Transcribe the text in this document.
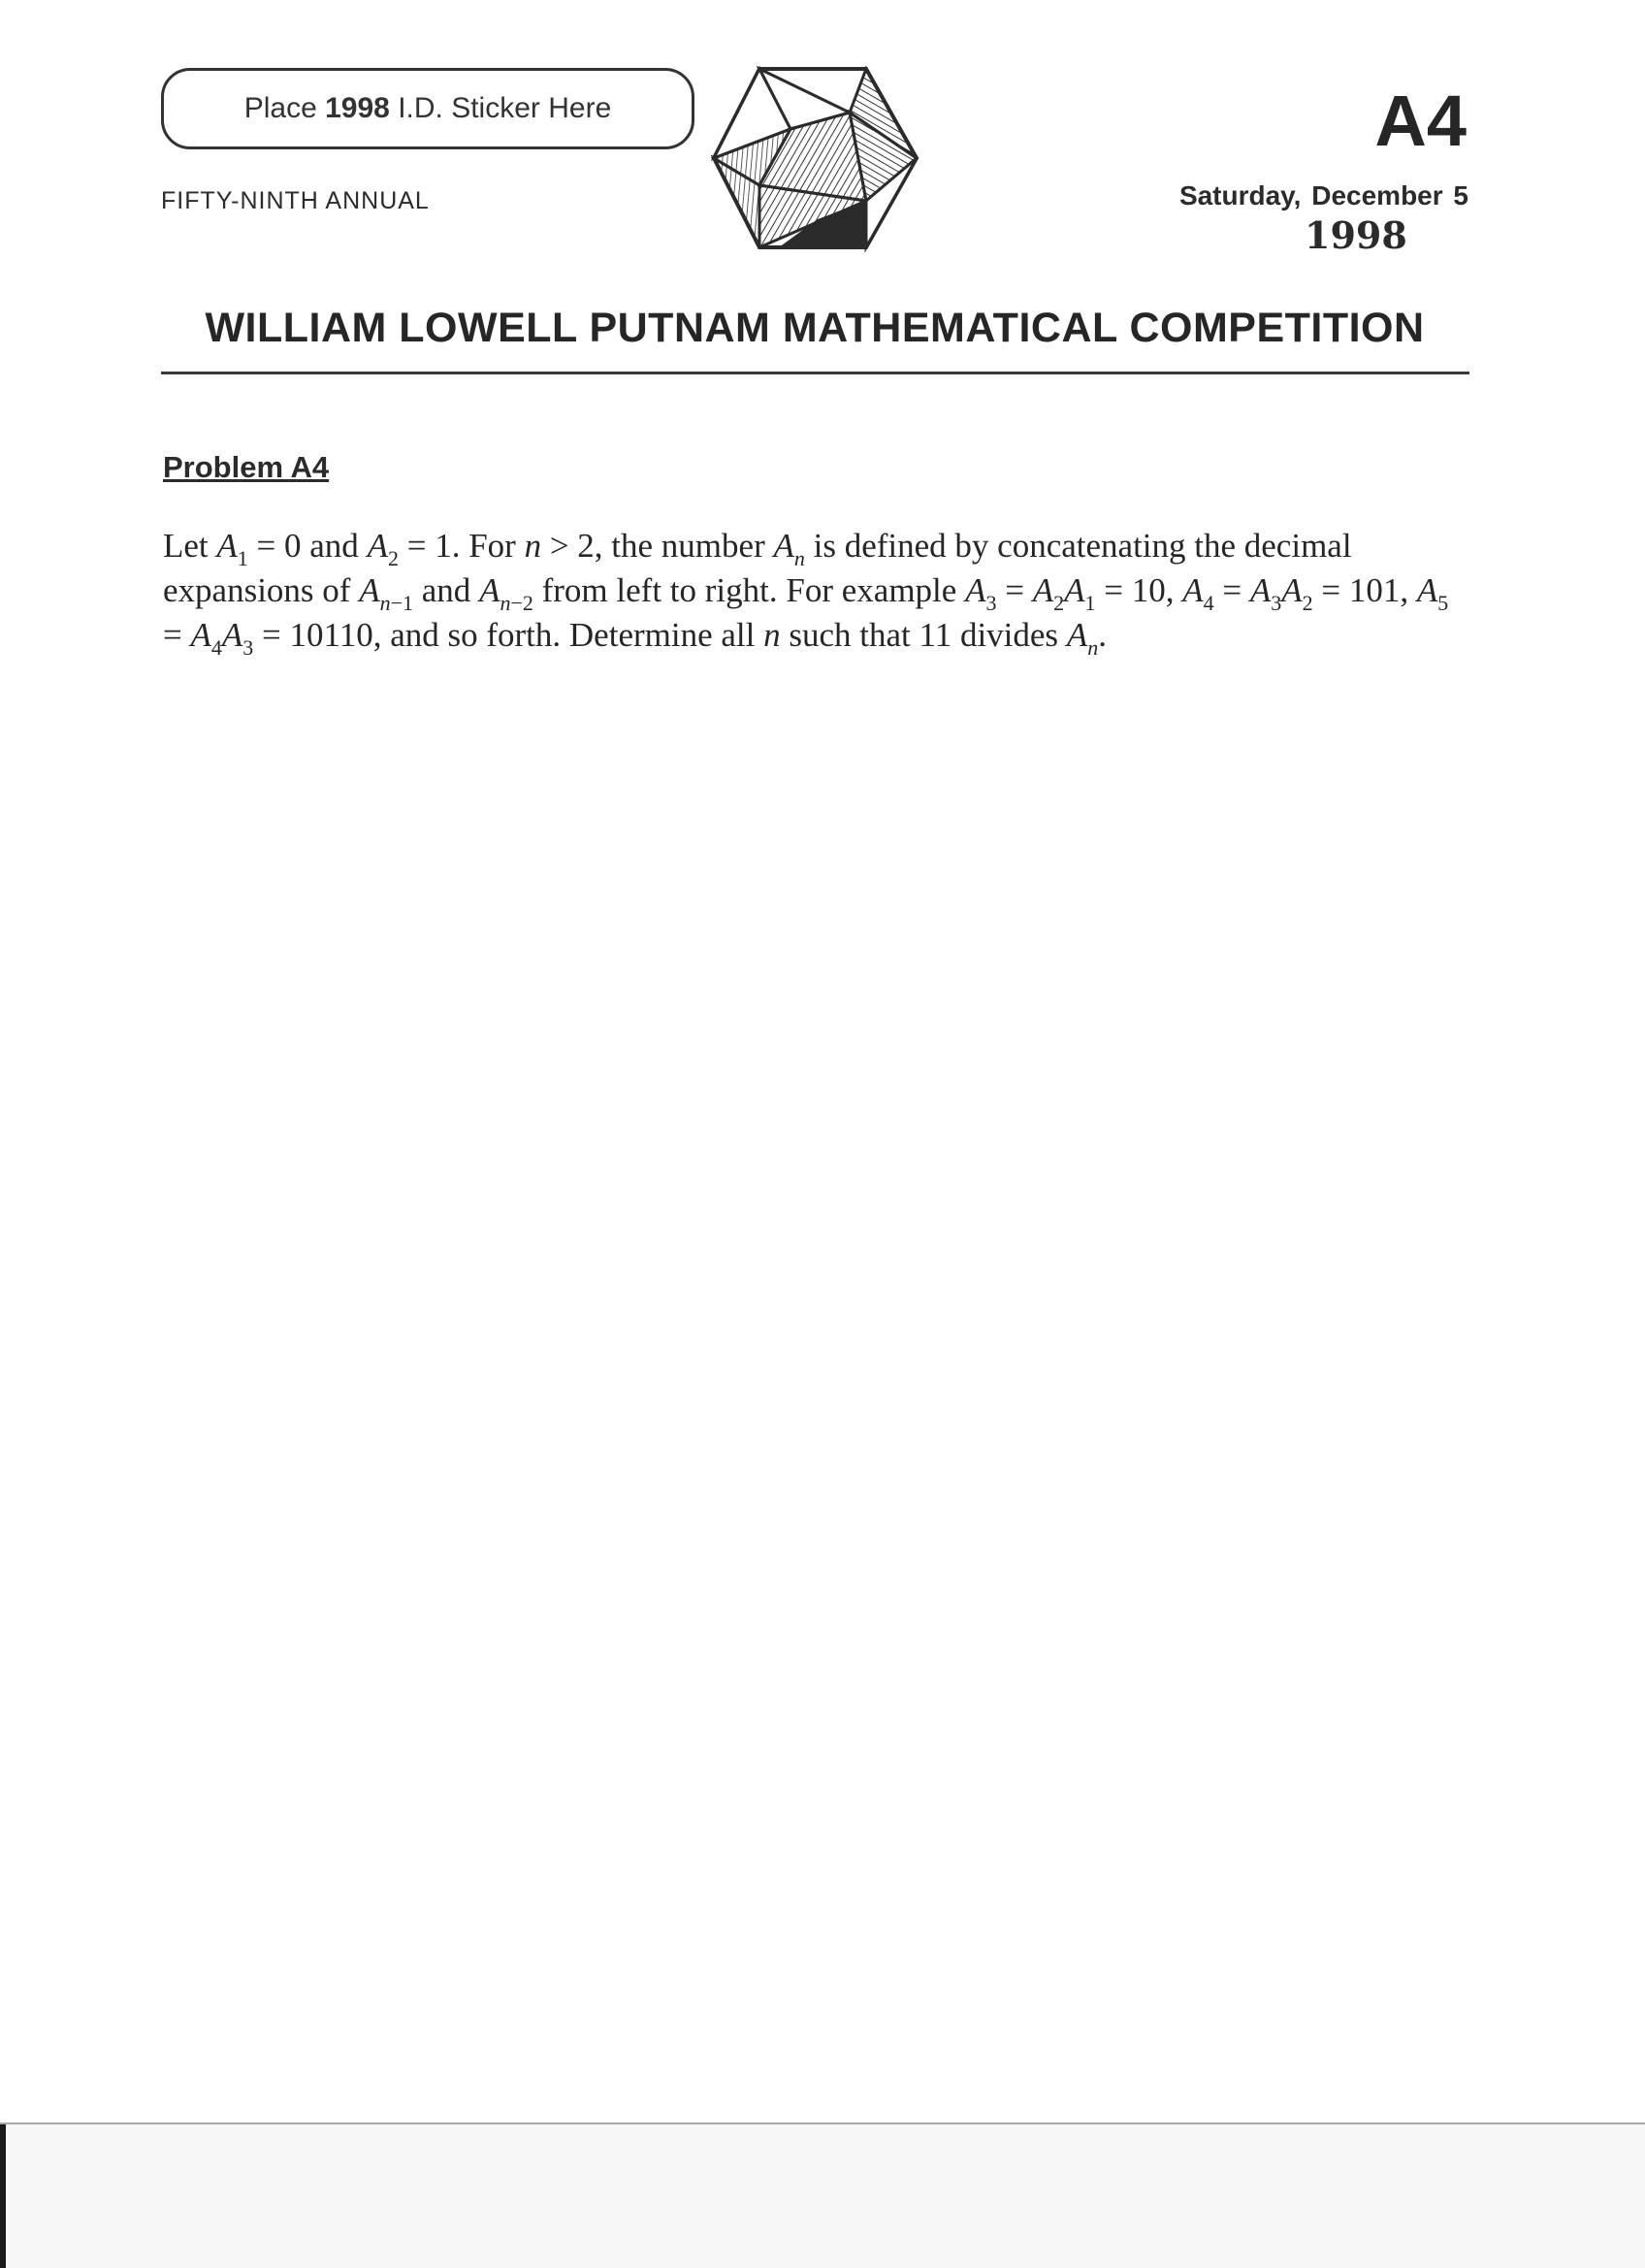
Place
1998
I.D. Sticker Here
FIFTY-NINTH ANNUAL
A4
Saturday, December 5
1998
WILLIAM LOWELL PUTNAM MATHEMATICAL COMPETITION
Problem A4
Let $A_1 = 0$ and $A_2 = 1$. For n > 2, the number $A_n$ is defined by concatenating the decimal expansions of $A_{n-1}$ and $A_{n-2}$ from left to right. For example $A_3 = A_2A_1 = 10$, $A_4 = A_3A_2 = 101$, $A_5 = A_4A_3 = 10110$, and so forth. Determine all n such that 11 divides $A_n$.
